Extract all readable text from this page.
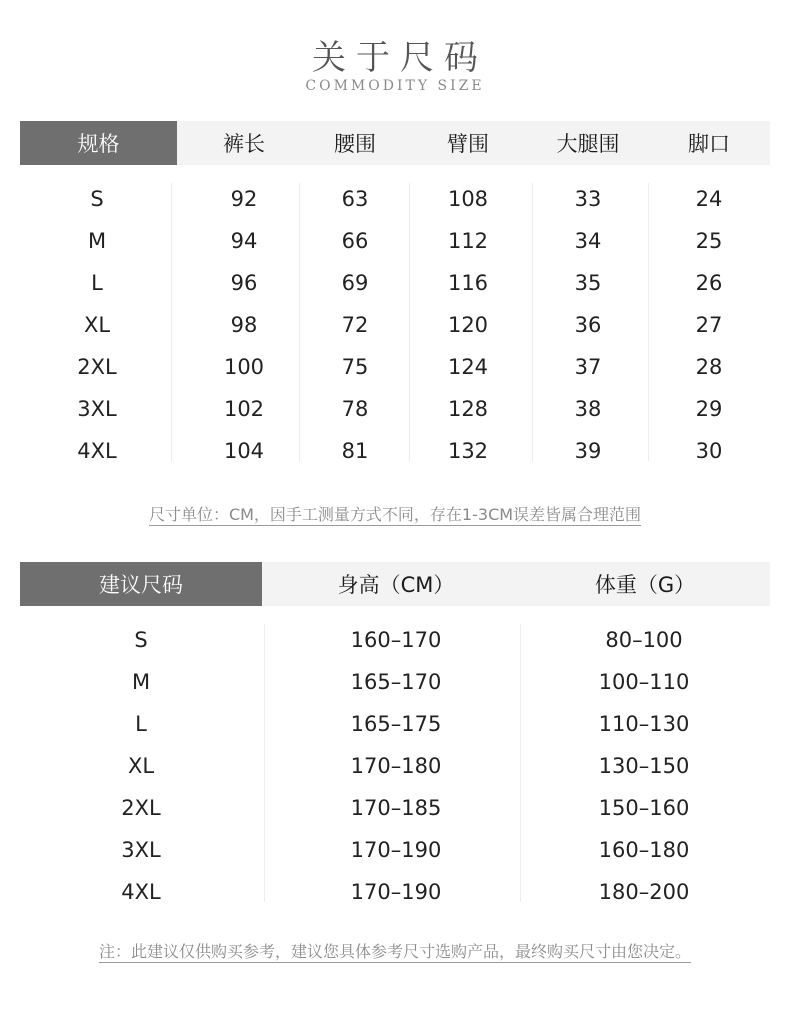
关于尺码
COMMODITY SIZE
规格	裤长	腰围	臂围	大腿围	脚口
S	92	63	108	33	24
M	94	66	112	34	25
L	96	69	116	35	26
XL	98	72	120	36	27
2XL	100	75	124	37	28
3XL	102	78	128	38	29
4XL	104	81	132	39	30
尺寸单位：CM，因手工测量方式不同，存在1-3CM误差皆属合理范围
建议尺码	身高（CM）	体重（G）
S	160–170	80–100
M	165–170	100–110
L	165–175	110–130
XL	170–180	130–150
2XL	170–185	150–160
3XL	170–190	160–180
4XL	170–190	180–200
注：此建议仅供购买参考，建议您具体参考尺寸选购产品，最终购买尺寸由您决定。
